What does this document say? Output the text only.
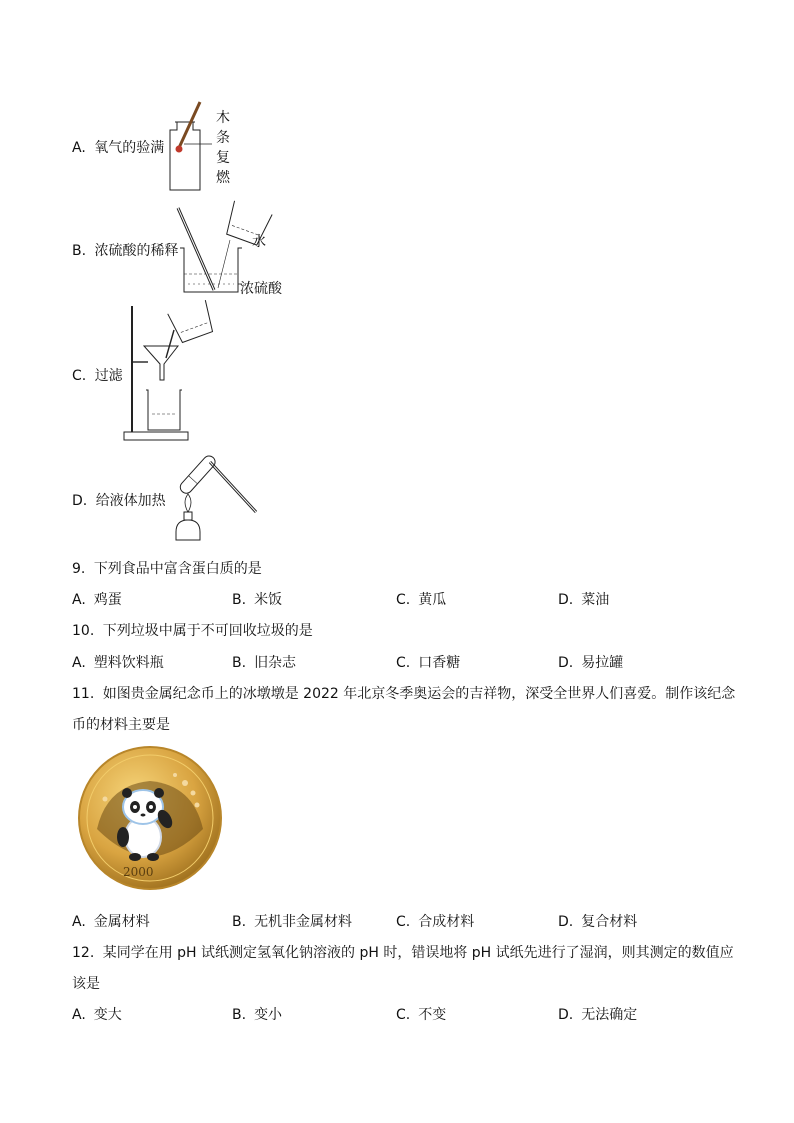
A. 氧气的验满
木
条
复
燃
B. 浓硫酸的稀释
水
浓硫酸
C. 过滤
D. 给液体加热
9. 下列食品中富含蛋白质的是
A. 鸡蛋	B. 米饭	C. 黄瓜	D. 菜油
10. 下列垃圾中属于不可回收垃圾的是
A. 塑料饮料瓶	B. 旧杂志	C. 口香糖	D. 易拉罐
11. 如图贵金属纪念币上的冰墩墩是 2022 年北京冬季奥运会的吉祥物，深受全世界人们喜爱。制作该纪念
币的材料主要是
2000
A. 金属材料	B. 无机非金属材料	C. 合成材料	D. 复合材料
12. 某同学在用 pH 试纸测定氢氧化钠溶液的 pH 时，错误地将 pH 试纸先进行了湿润，则其测定的数值应
该是
A. 变大	B. 变小	C. 不变	D. 无法确定
